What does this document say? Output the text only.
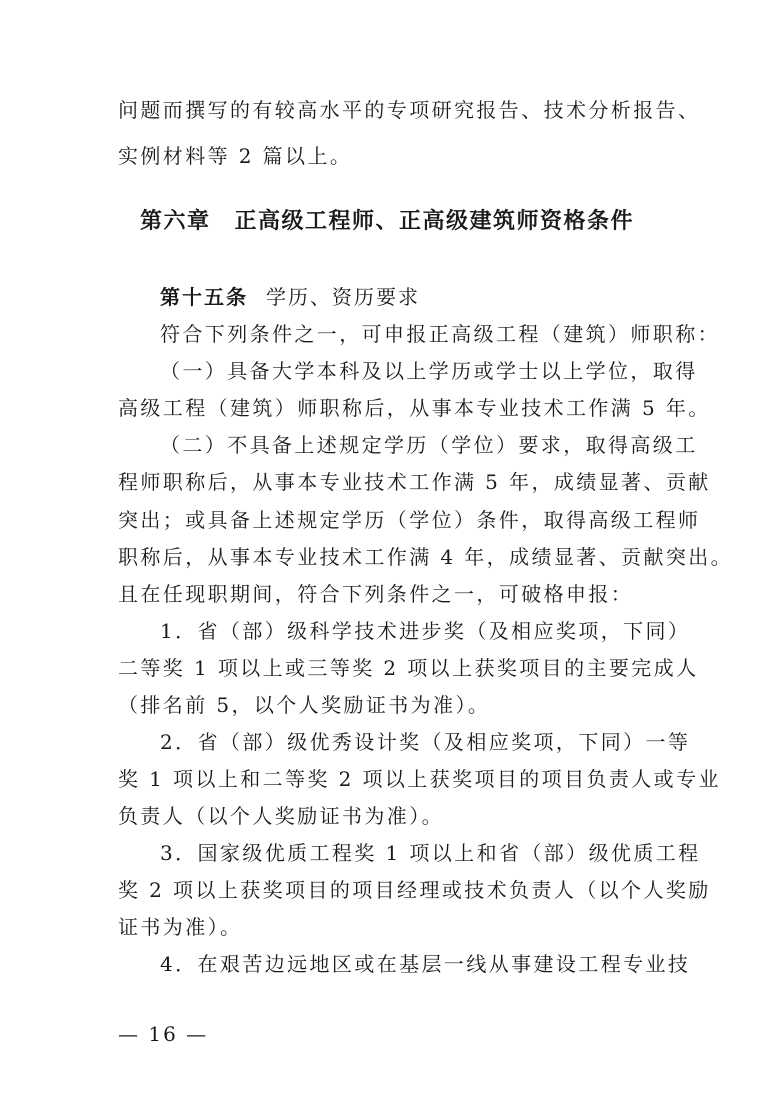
问题而撰写的有较高水平的专项研究报告、技术分析报告、
实例材料等 2 篇以上。
第六章 正高级工程师、正高级建筑师资格条件
第十五条 学历、资历要求
符合下列条件之一，可申报正高级工程（建筑）师职称：
（一）具备大学本科及以上学历或学士以上学位，取得
高级工程（建筑）师职称后，从事本专业技术工作满 5 年。
（二）不具备上述规定学历（学位）要求，取得高级工
程师职称后，从事本专业技术工作满 5 年，成绩显著、贡献
突出；或具备上述规定学历（学位）条件，取得高级工程师
职称后，从事本专业技术工作满 4 年，成绩显著、贡献突出。
且在任现职期间，符合下列条件之一，可破格申报：
1．省（部）级科学技术进步奖（及相应奖项，下同）
二等奖 1 项以上或三等奖 2 项以上获奖项目的主要完成人
（排名前 5，以个人奖励证书为准）。
2．省（部）级优秀设计奖（及相应奖项，下同）一等
奖 1 项以上和二等奖 2 项以上获奖项目的项目负责人或专业
负责人（以个人奖励证书为准）。
3．国家级优质工程奖 1 项以上和省（部）级优质工程
奖 2 项以上获奖项目的项目经理或技术负责人（以个人奖励
证书为准）。
4．在艰苦边远地区或在基层一线从事建设工程专业技
— 16 —
